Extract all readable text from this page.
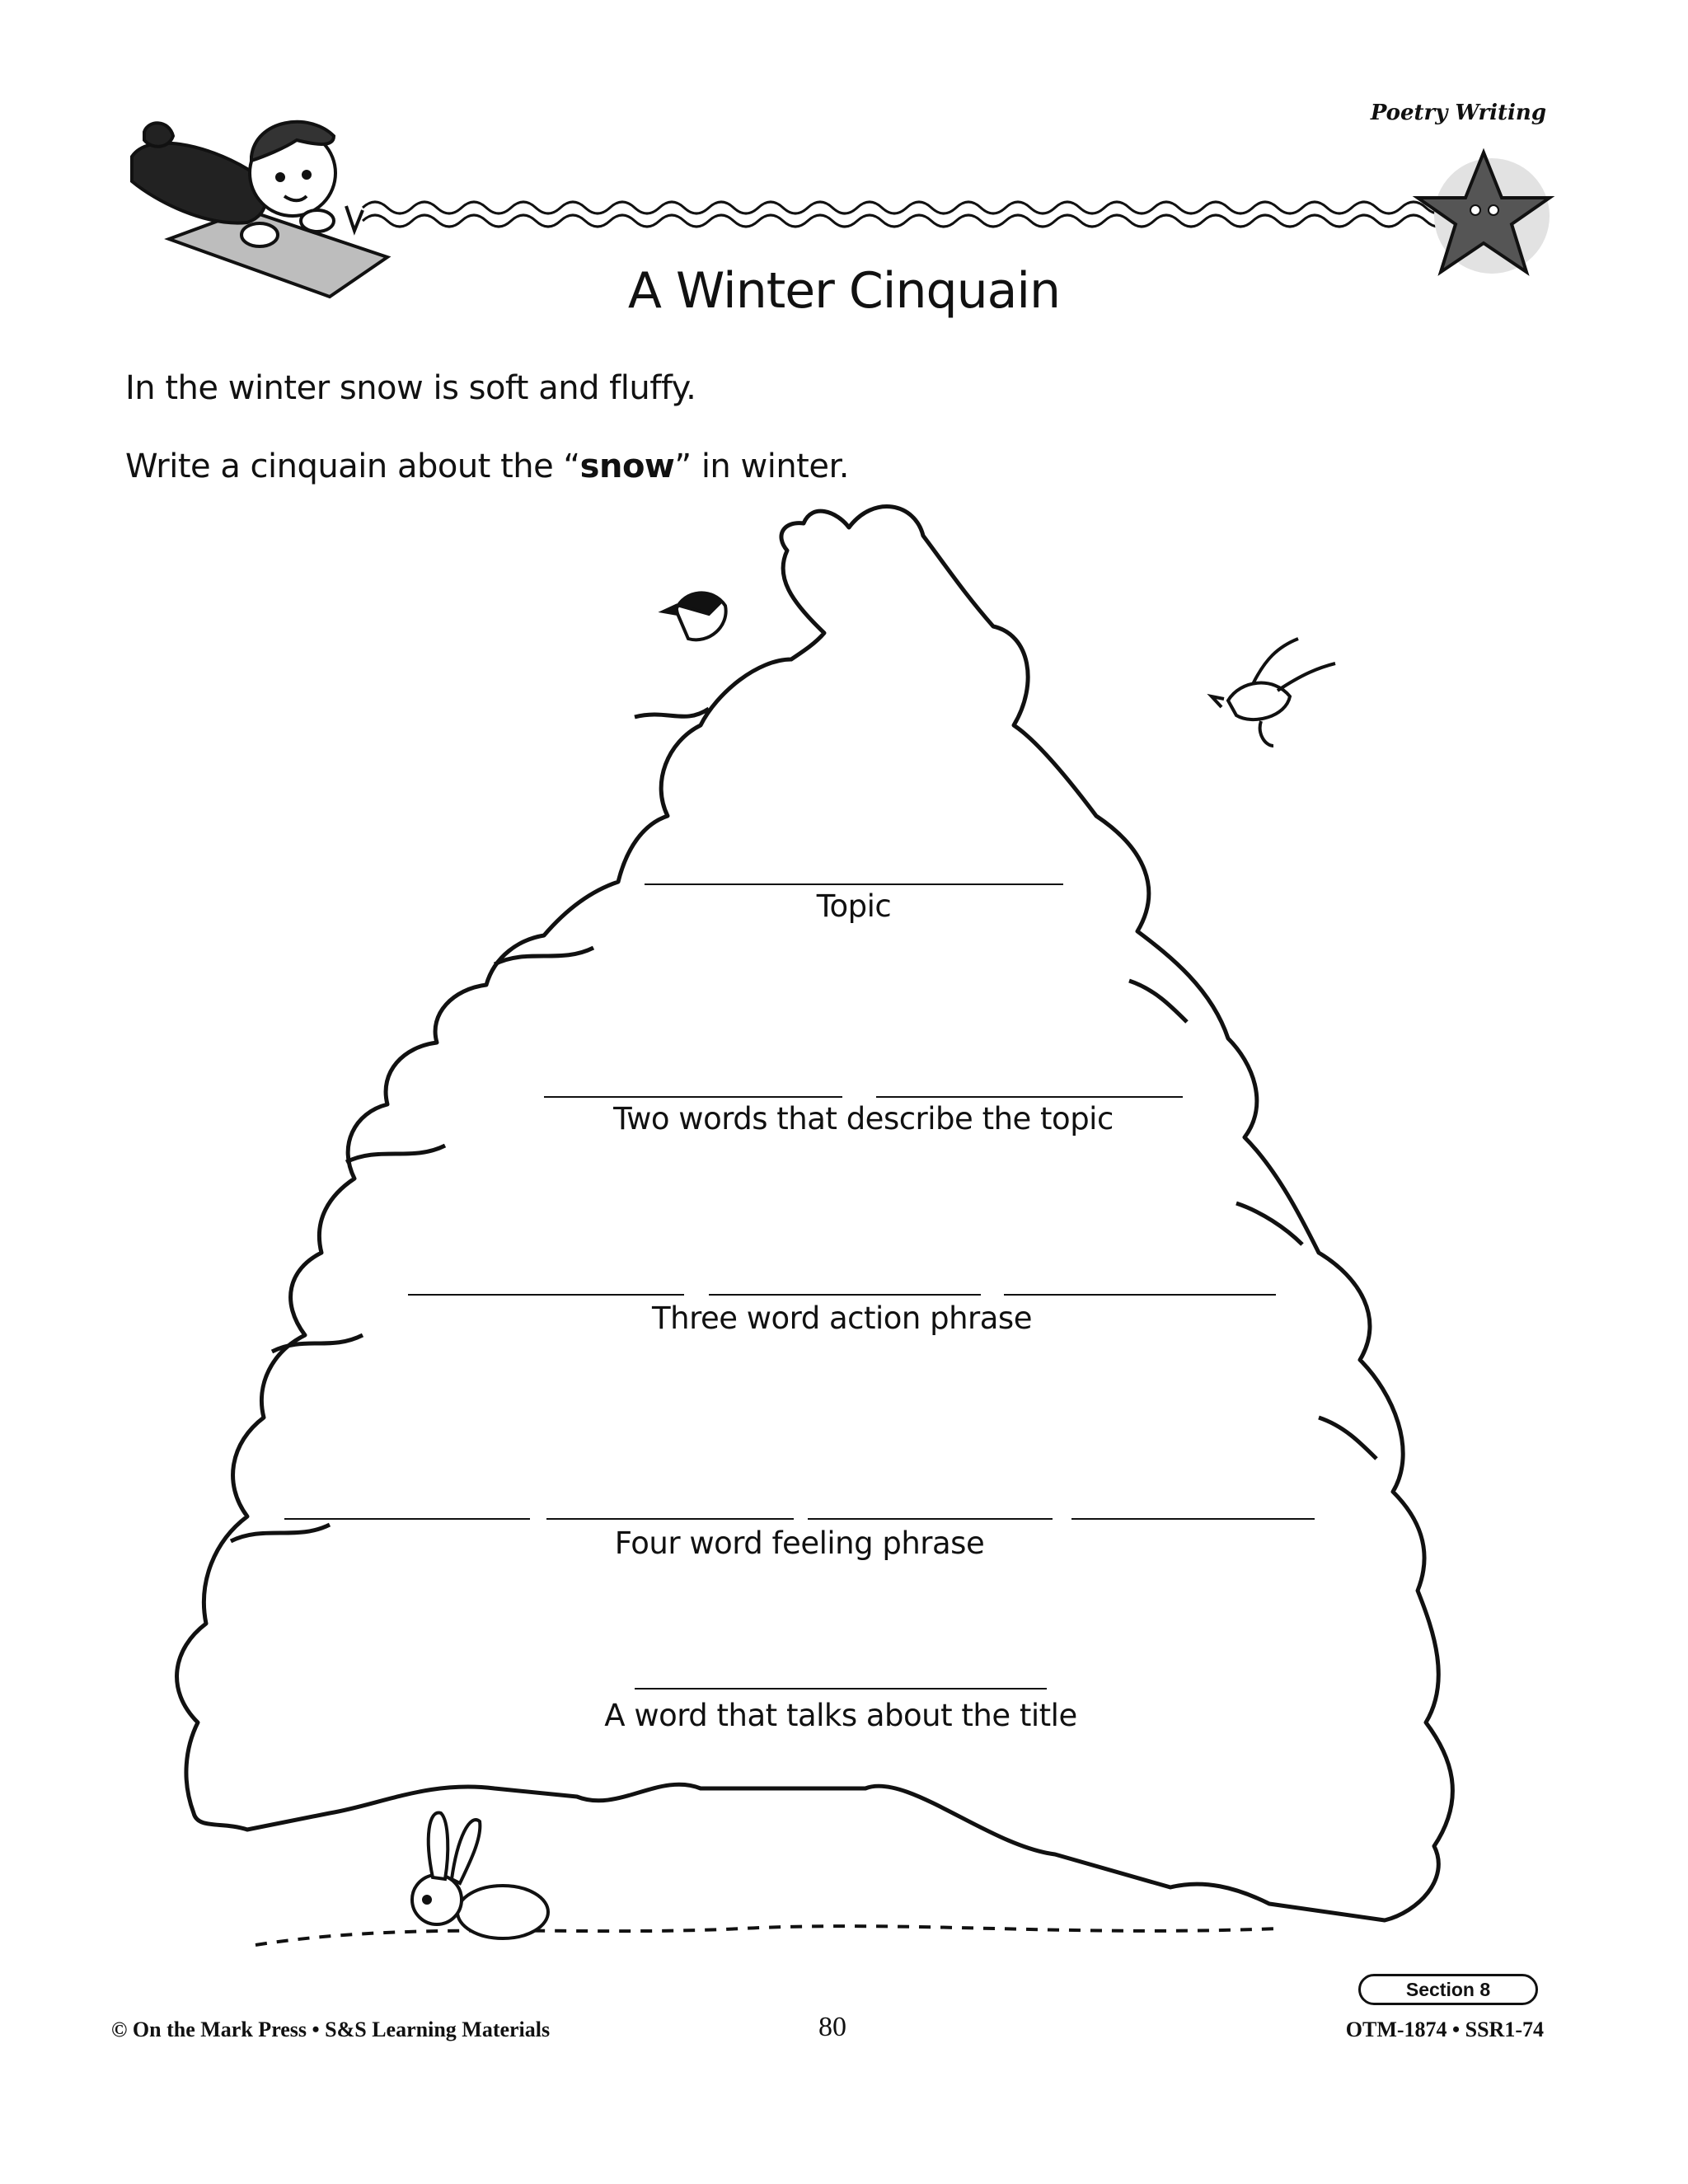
Poetry Writing
A Winter Cinquain
In the winter snow is soft and fluffy.
Write a cinquain about the “snow” in winter.
Topic
Two words that describe the topic
Three word action phrase
Four word feeling phrase
A word that talks about the title
Section 8
© On the Mark Press • S&S Learning Materials	80	OTM-1874 • SSR1-74
